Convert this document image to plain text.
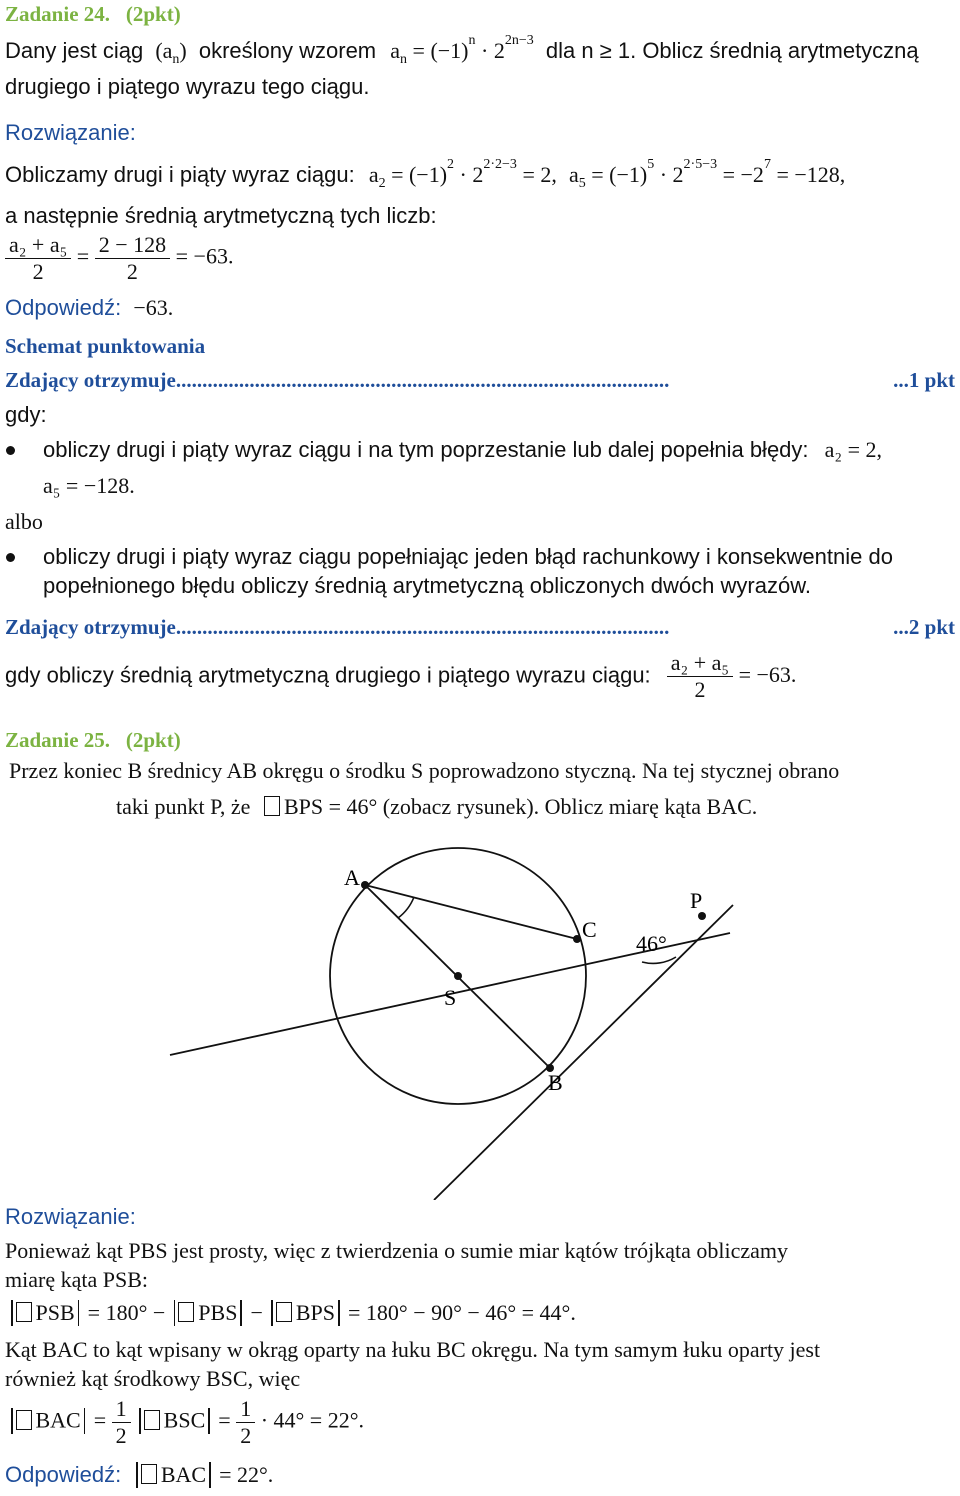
Zadanie 24. (2pkt)
Dany jest ciąg $(a_n)$ określony wzorem $a_n = (-1)^n \cdot 2^{2n-3}$ dla n ≥ 1. Oblicz średnią arytmetyczną
drugiego i piątego wyrazu tego ciągu.
Rozwiązanie:
Obliczamy drugi i piąty wyraz ciągu: $a_2 = (-1)^2 \cdot 2^{2\cdot 2-3} = 2$, $a_5 = (-1)^5 \cdot 2^{2\cdot 5-3} = -2^7 = -128$,
a następnie średnią arytmetyczną tych liczb:
$\frac{\text{a₂ + a₅}}{2} = \frac{2 - 128}{2} = -63$.
Odpowiedź: −63.
Schemat punktowania
Zdający otrzymuje..............................................................................................	...1 pkt
gdy:
obliczy drugi i piąty wyraz ciągu i na tym poprzestanie lub dalej popełnia błędy: a₂ = 2,
a₅ = −128.
albo
obliczy drugi i piąty wyraz ciągu popełniając jeden błąd rachunkowy i konsekwentnie do
popełnionego błędu obliczy średnią arytmetyczną obliczonych dwóch wyrazów.
Zdający otrzymuje..............................................................................................	...2 pkt
gdy obliczy średnią arytmetyczną drugiego i piątego wyrazu ciągu: $\frac{\text{a₂ + a₅}}{2} = -63$.
Zadanie 25. (2pkt)
Przez koniec B średnicy AB okręgu o środku S poprowadzono styczną. Na tej stycznej obrano
taki punkt P, że BPS = 46° (zobacz rysunek). Oblicz miarę kąta BAC.
A
C
P
S
B
46°
Rozwiązanie:
Ponieważ kąt PBS jest prosty, więc z twierdzenia o sumie miar kątów trójkąta obliczamy
miarę kąta PSB:
PSB = 180° − PBS − BPS = 180° − 90° − 46° = 44°.
Kąt BAC to kąt wpisany w okrąg oparty na łuku BC okręgu. Na tym samym łuku oparty jest
również kąt środkowy BSC, więc
BAC = $\frac{1}{2}$ BSC = $\frac{1}{2} \cdot 44^\circ = 22^\circ$.
Odpowiedź: BAC = 22°.
